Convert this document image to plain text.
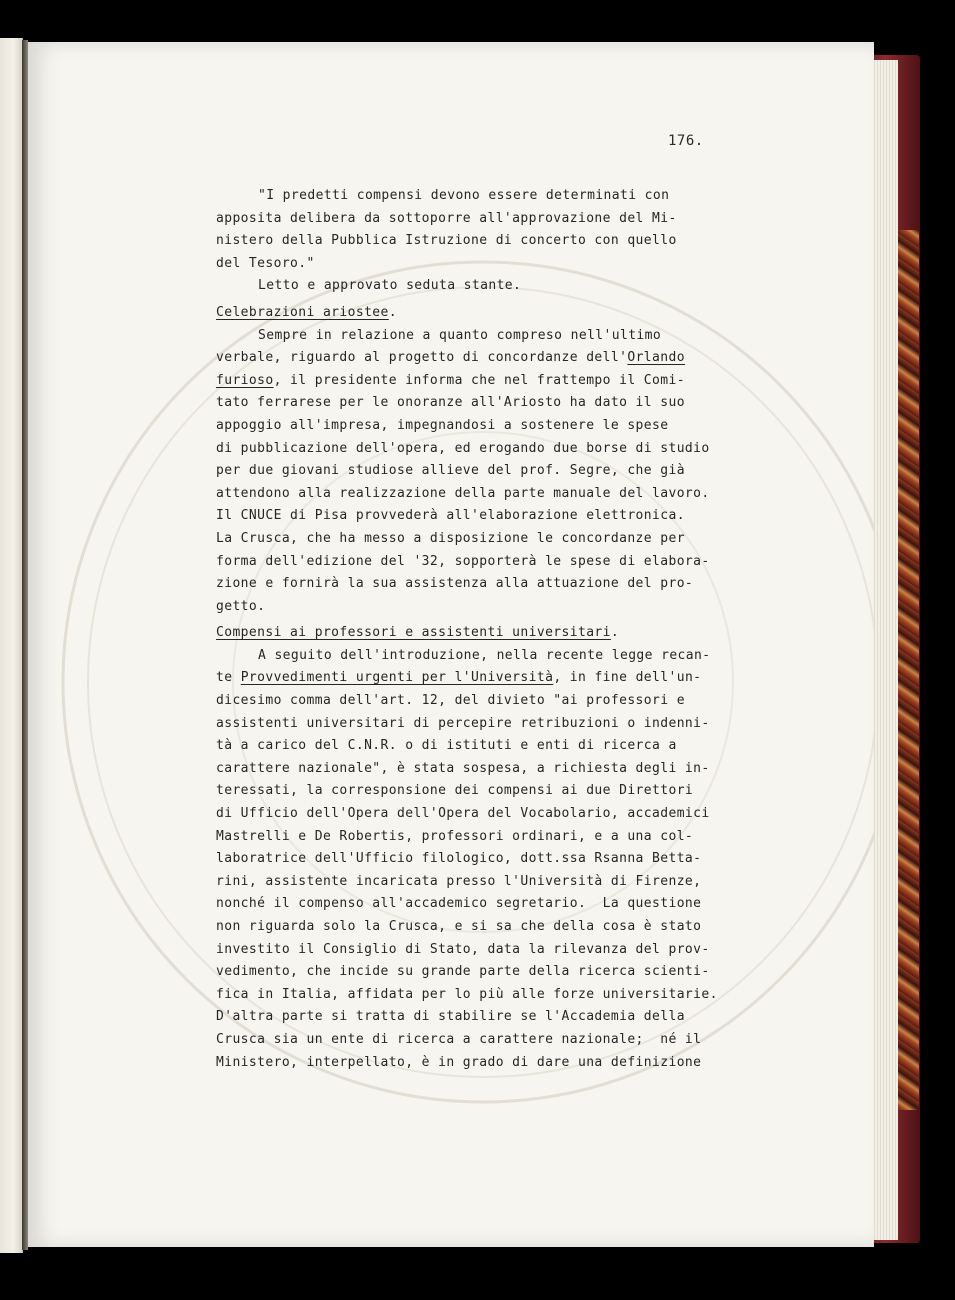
176.
"I predetti compensi devono essere determinati con
apposita delibera da sottoporre all'approvazione del Mi-
nistero della Pubblica Istruzione di concerto con quello
del Tesoro."
Letto e approvato seduta stante.
Celebrazioni ariostee.
Sempre in relazione a quanto compreso nell'ultimo
verbale, riguardo al progetto di concordanze dell'Orlando
furioso, il presidente informa che nel frattempo il Comi-
tato ferrarese per le onoranze all'Ariosto ha dato il suo
appoggio all'impresa, impegnandosi a sostenere le spese
di pubblicazione dell'opera, ed erogando due borse di studio
per due giovani studiose allieve del prof. Segre, che già
attendono alla realizzazione della parte manuale del lavoro.
Il CNUCE di Pisa provvederà all'elaborazione elettronica.
La Crusca, che ha messo a disposizione le concordanze per
forma dell'edizione del '32, sopporterà le spese di elabora-
zione e fornirà la sua assistenza alla attuazione del pro-
getto.
Compensi ai professori e assistenti universitari.
A seguito dell'introduzione, nella recente legge recan-
te Provvedimenti urgenti per l'Università, in fine dell'un-
dicesimo comma dell'art. 12, del divieto "ai professori e
assistenti universitari di percepire retribuzioni o indenni-
tà a carico del C.N.R. o di istituti e enti di ricerca a
carattere nazionale", è stata sospesa, a richiesta degli in-
teressati, la corresponsione dei compensi ai due Direttori
di Ufficio dell'Opera dell'Opera del Vocabolario, accademici
Mastrelli e De Robertis, professori ordinari, e a una col-
laboratrice dell'Ufficio filologico, dott.ssa Rsanna Betta-
rini, assistente incaricata presso l'Università di Firenze,
nonché il compenso all'accademico segretario.  La questione
non riguarda solo la Crusca, e si sa che della cosa è stato
investito il Consiglio di Stato, data la rilevanza del prov-
vedimento, che incide su grande parte della ricerca scienti-
fica in Italia, affidata per lo più alle forze universitarie.
D'altra parte si tratta di stabilire se l'Accademia della
Crusca sia un ente di ricerca a carattere nazionale;  né il
Ministero, interpellato, è in grado di dare una definizione
